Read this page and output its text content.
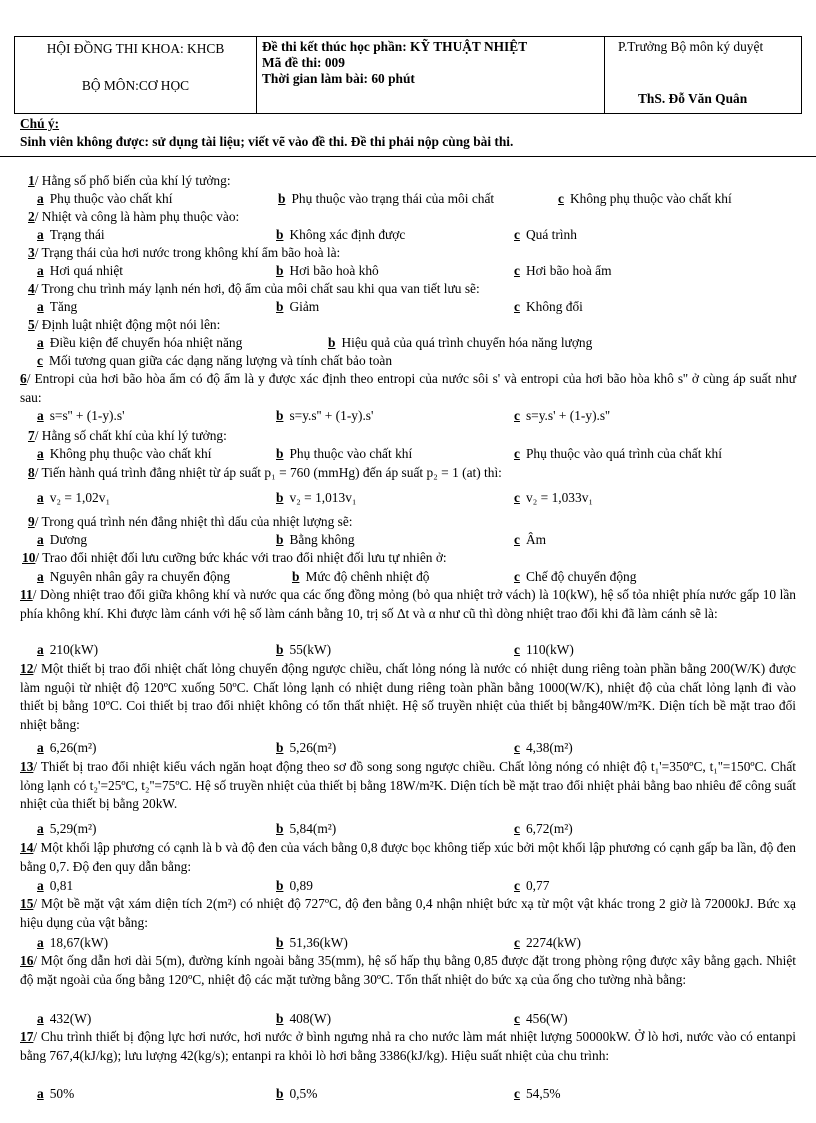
HỘI ĐỒNG THI KHOA: KHCB
BỘ MÔN:CƠ HỌC

Đề thi kết thúc học phần: KỸ THUẬT NHIỆT
Mã đề thi: 009
Thời gian làm bài: 60 phút

P.Trưởng Bộ môn ký duyệt
ThS. Đỗ Văn Quân
Chú ý:
Sinh viên không được: sử dụng tài liệu; viết vẽ vào đề thi. Đề thi phải nộp cùng bài thi.
1/ Hằng số phổ biến của khí lý tưởng:
a Phụ thuộc vào chất khí	b Phụ thuộc vào trạng thái của môi chất	c Không phụ thuộc vào chất khí
2/ Nhiệt và công là hàm phụ thuộc vào:
a Trạng thái	b Không xác định được	c Quá trình
3/ Trạng thái của hơi nước trong không khí ẩm bão hoà là:
a Hơi quá nhiệt	b Hơi bão hoà khô	c Hơi bão hoà ẩm
4/ Trong chu trình máy lạnh nén hơi, độ ẩm của môi chất sau khi qua van tiết lưu sẽ:
a Tăng	b Giảm	c Không đổi
5/ Định luật nhiệt động một nói lên:
a Điều kiện để chuyển hóa nhiệt năng	b Hiệu quả của quá trình chuyển hóa năng lượng
c Mối tương quan giữa các dạng năng lượng và tính chất bảo toàn
6/ Entropi của hơi bão hòa ẩm có độ ẩm là y được xác định theo entropi của nước sôi s' và entropi của hơi bão hòa khô s'' ở cùng áp suất như sau:
a s=s'' + (1-y).s'	b s=y.s'' + (1-y).s'	c s=y.s' + (1-y).s''
7/ Hằng số chất khí của khí lý tưởng:
a Không phụ thuộc vào chất khí	b Phụ thuộc vào chất khí	c Phụ thuộc vào quá trình của chất khí
8/ Tiến hành quá trình đẳng nhiệt từ áp suất p₁ = 760 (mmHg) đến áp suất p₂ = 1 (at) thì:
a v₂ = 1,02v₁	b v₂ = 1,013v₁	c v₂ = 1,033v₁
9/ Trong quá trình nén đẳng nhiệt thì dấu của nhiệt lượng sẽ:
a Dương	b Bằng không	c Âm
10/ Trao đổi nhiệt đối lưu cưỡng bức khác với trao đổi nhiệt đối lưu tự nhiên ở:
a Nguyên nhân gây ra chuyển động	b Mức độ chênh nhiệt độ	c Chế độ chuyển động
11/ Dòng nhiệt trao đổi giữa không khí và nước qua các ống đồng mỏng (bỏ qua nhiệt trở vách) là 10(kW), hệ số tỏa nhiệt phía nước gấp 10 lần phía không khí. Khi được làm cánh với hệ số làm cánh bằng 10, trị số Δt và α như cũ thì dòng nhiệt trao đổi khi đã làm cánh sẽ là:
a 210(kW)	b 55(kW)	c 110(kW)
12/ Một thiết bị trao đổi nhiệt chất lỏng chuyển động ngược chiều, chất lỏng nóng là nước có nhiệt dung riêng toàn phần bằng 200(W/K) được làm nguội từ nhiệt độ 120ºC xuống 50ºC. Chất lỏng lạnh có nhiệt dung riêng toàn phần bằng 1000(W/K), nhiệt độ của chất lỏng lạnh đi vào thiết bị bằng 10ºC. Coi thiết bị trao đổi nhiệt không có tổn thất nhiệt. Hệ số truyền nhiệt của thiết bị bằng40W/m²K. Diện tích bề mặt trao đổi nhiệt bằng:
a 6,26(m²)	b 5,26(m²)	c 4,38(m²)
13/ Thiết bị trao đổi nhiệt kiểu vách ngăn hoạt động theo sơ đồ song song ngược chiều. Chất lỏng nóng có nhiệt độ t₁'=350ºC, t₁''=150ºC. Chất lỏng lạnh có t₂'=25ºC, t₂''=75ºC. Hệ số truyền nhiệt của thiết bị bằng 18W/m²K. Diện tích bề mặt trao đổi nhiệt phải bằng bao nhiêu để công suất nhiệt của thiết bị bằng 20kW.
a 5,29(m²)	b 5,84(m²)	c 6,72(m²)
14/ Một khối lập phương có cạnh là b và độ đen của vách bằng 0,8 được bọc không tiếp xúc bởi một khối lập phương có cạnh gấp ba lần, độ đen bằng 0,7. Độ đen quy dẫn bằng:
a 0,81	b 0,89	c 0,77
15/ Một bề mặt vật xám diện tích 2(m²) có nhiệt độ 727ºC, độ đen bằng 0,4 nhận nhiệt bức xạ từ một vật khác trong 2 giờ là 72000kJ. Bức xạ hiệu dụng của vật bằng:
a 18,67(kW)	b 51,36(kW)	c 2274(kW)
16/ Một ống dẫn hơi dài 5(m), đường kính ngoài bằng 35(mm), hệ số hấp thụ bằng 0,85 được đặt trong phòng rộng được xây bằng gạch. Nhiệt độ mặt ngoài của ống bằng 120ºC, nhiệt độ các mặt tường bằng 30ºC. Tổn thất nhiệt do bức xạ của ống cho tường nhà bằng:
a 432(W)	b 408(W)	c 456(W)
17/ Chu trình thiết bị động lực hơi nước, hơi nước ở bình ngưng nhả ra cho nước làm mát nhiệt lượng 50000kW. Ở lò hơi, nước vào có entanpi bằng 767,4(kJ/kg); lưu lượng 42(kg/s); entanpi ra khỏi lò hơi bằng 3386(kJ/kg). Hiệu suất nhiệt của chu trình:
a 50%	b 0,5%	c 54,5%
